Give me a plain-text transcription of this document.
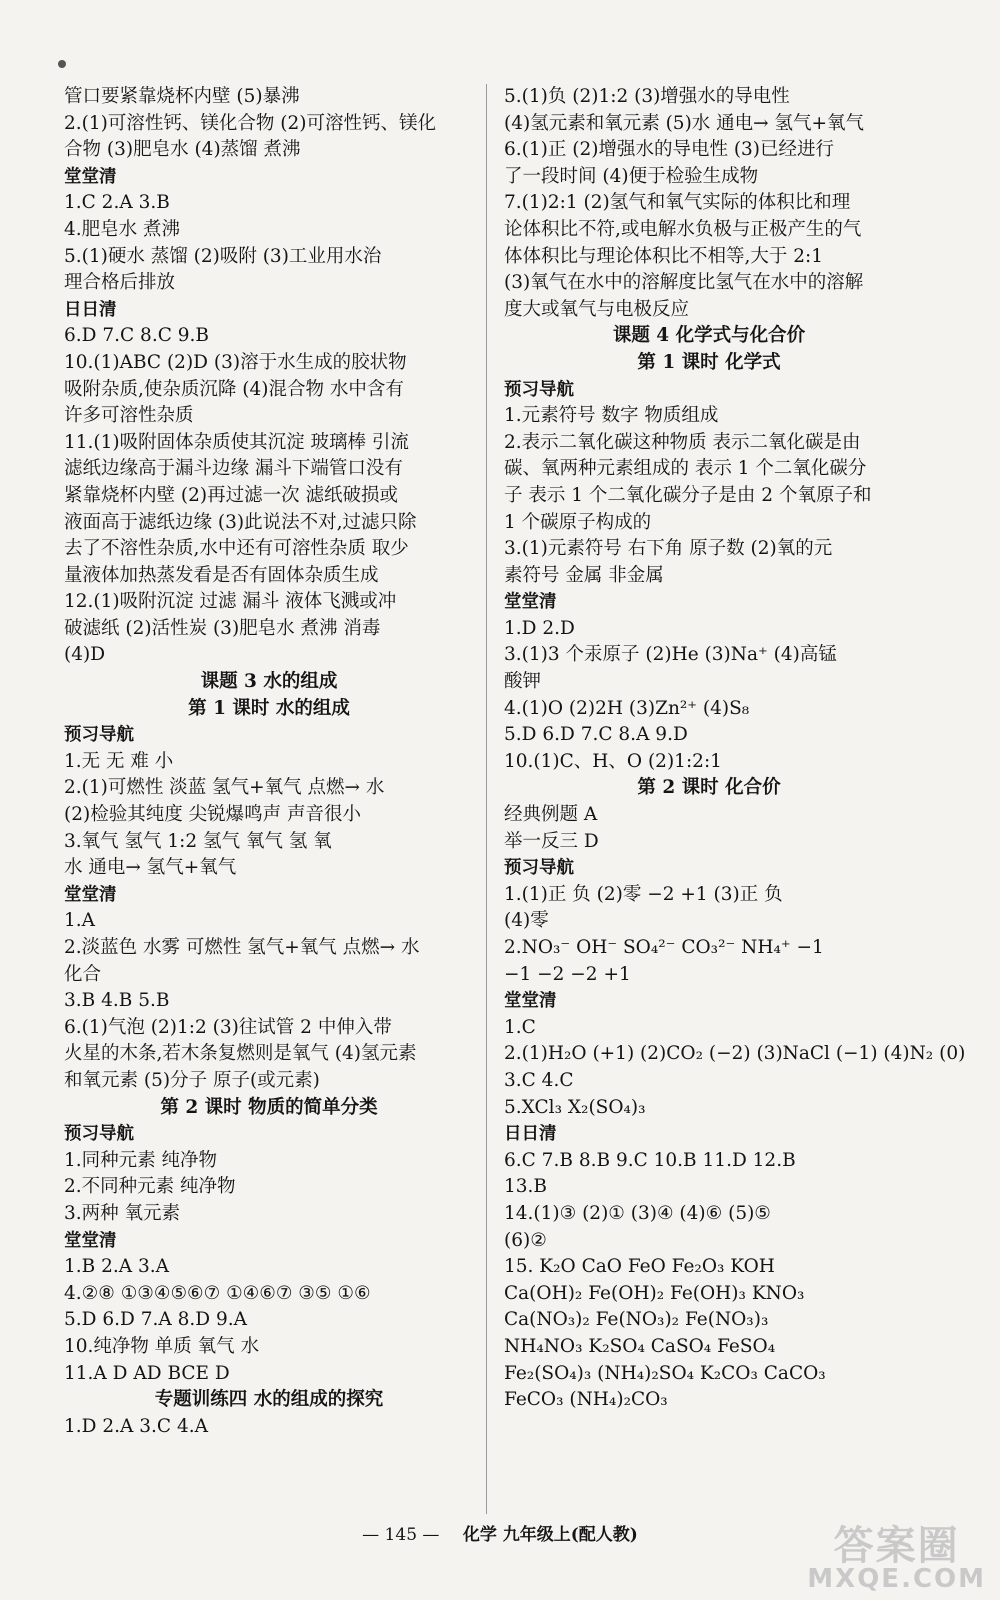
管口要紧靠烧杯内壁 (5)暴沸
2.(1)可溶性钙、镁化合物 (2)可溶性钙、镁化
合物 (3)肥皂水 (4)蒸馏 煮沸
堂堂清
1.C 2.A 3.B
4.肥皂水 煮沸
5.(1)硬水 蒸馏 (2)吸附 (3)工业用水治
理合格后排放
日日清
6.D 7.C 8.C 9.B
10.(1)ABC (2)D (3)溶于水生成的胶状物
吸附杂质,使杂质沉降 (4)混合物 水中含有
许多可溶性杂质
11.(1)吸附固体杂质使其沉淀 玻璃棒 引流
滤纸边缘高于漏斗边缘 漏斗下端管口没有
紧靠烧杯内壁 (2)再过滤一次 滤纸破损或
液面高于滤纸边缘 (3)此说法不对,过滤只除
去了不溶性杂质,水中还有可溶性杂质 取少
量液体加热蒸发看是否有固体杂质生成
12.(1)吸附沉淀 过滤 漏斗 液体飞溅或冲
破滤纸 (2)活性炭 (3)肥皂水 煮沸 消毒
(4)D
课题 3 水的组成
第 1 课时 水的组成
预习导航
1.无 无 难 小
2.(1)可燃性 淡蓝 氢气+氧气 点燃→ 水
(2)检验其纯度 尖锐爆鸣声 声音很小
3.氧气 氢气 1:2 氢气 氧气 氢 氧
水 通电→ 氢气+氧气
堂堂清
1.A
2.淡蓝色 水雾 可燃性 氢气+氧气 点燃→ 水
化合
3.B 4.B 5.B
6.(1)气泡 (2)1:2 (3)往试管 2 中伸入带
火星的木条,若木条复燃则是氧气 (4)氢元素
和氧元素 (5)分子 原子(或元素)
第 2 课时 物质的简单分类
预习导航
1.同种元素 纯净物
2.不同种元素 纯净物
3.两种 氧元素
堂堂清
1.B 2.A 3.A
4.②⑧ ①③④⑤⑥⑦ ①④⑥⑦ ③⑤ ①⑥
5.D 6.D 7.A 8.D 9.A
10.纯净物 单质 氧气 水
11.A D AD BCE D
专题训练四 水的组成的探究
1.D 2.A 3.C 4.A
5.(1)负 (2)1:2 (3)增强水的导电性
(4)氢元素和氧元素 (5)水 通电→ 氢气+氧气
6.(1)正 (2)增强水的导电性 (3)已经进行
了一段时间 (4)便于检验生成物
7.(1)2:1 (2)氢气和氧气实际的体积比和理
论体积比不符,或电解水负极与正极产生的气
体体积比与理论体积比不相等,大于 2:1
(3)氧气在水中的溶解度比氢气在水中的溶解
度大或氧气与电极反应
课题 4 化学式与化合价
第 1 课时 化学式
预习导航
1.元素符号 数字 物质组成
2.表示二氧化碳这种物质 表示二氧化碳是由
碳、氧两种元素组成的 表示 1 个二氧化碳分
子 表示 1 个二氧化碳分子是由 2 个氧原子和
1 个碳原子构成的
3.(1)元素符号 右下角 原子数 (2)氧的元
素符号 金属 非金属
堂堂清
1.D 2.D
3.(1)3 个汞原子 (2)He (3)Na⁺ (4)高锰
酸钾
4.(1)O (2)2H (3)Zn²⁺ (4)S₈
5.D 6.D 7.C 8.A 9.D
10.(1)C、H、O (2)1:2:1
第 2 课时 化合价
经典例题 A
举一反三 D
预习导航
1.(1)正 负 (2)零 −2 +1 (3)正 负
(4)零
2.NO₃⁻ OH⁻ SO₄²⁻ CO₃²⁻ NH₄⁺ −1
−1 −2 −2 +1
堂堂清
1.C
2.(1)H₂O (+1) (2)CO₂ (−2) (3)NaCl (−1) (4)N₂ (0)
3.C 4.C
5.XCl₃ X₂(SO₄)₃
日日清
6.C 7.B 8.B 9.C 10.B 11.D 12.B
13.B
14.(1)③ (2)① (3)④ (4)⑥ (5)⑤
(6)②
15. K₂O CaO FeO Fe₂O₃ KOH
Ca(OH)₂ Fe(OH)₂ Fe(OH)₃ KNO₃
Ca(NO₃)₂ Fe(NO₃)₂ Fe(NO₃)₃
NH₄NO₃ K₂SO₄ CaSO₄ FeSO₄
Fe₂(SO₄)₃ (NH₄)₂SO₄ K₂CO₃ CaCO₃
FeCO₃ (NH₄)₂CO₃
— 145 — 化学 九年级上(配人教)	答案圈
MXQE.COM
